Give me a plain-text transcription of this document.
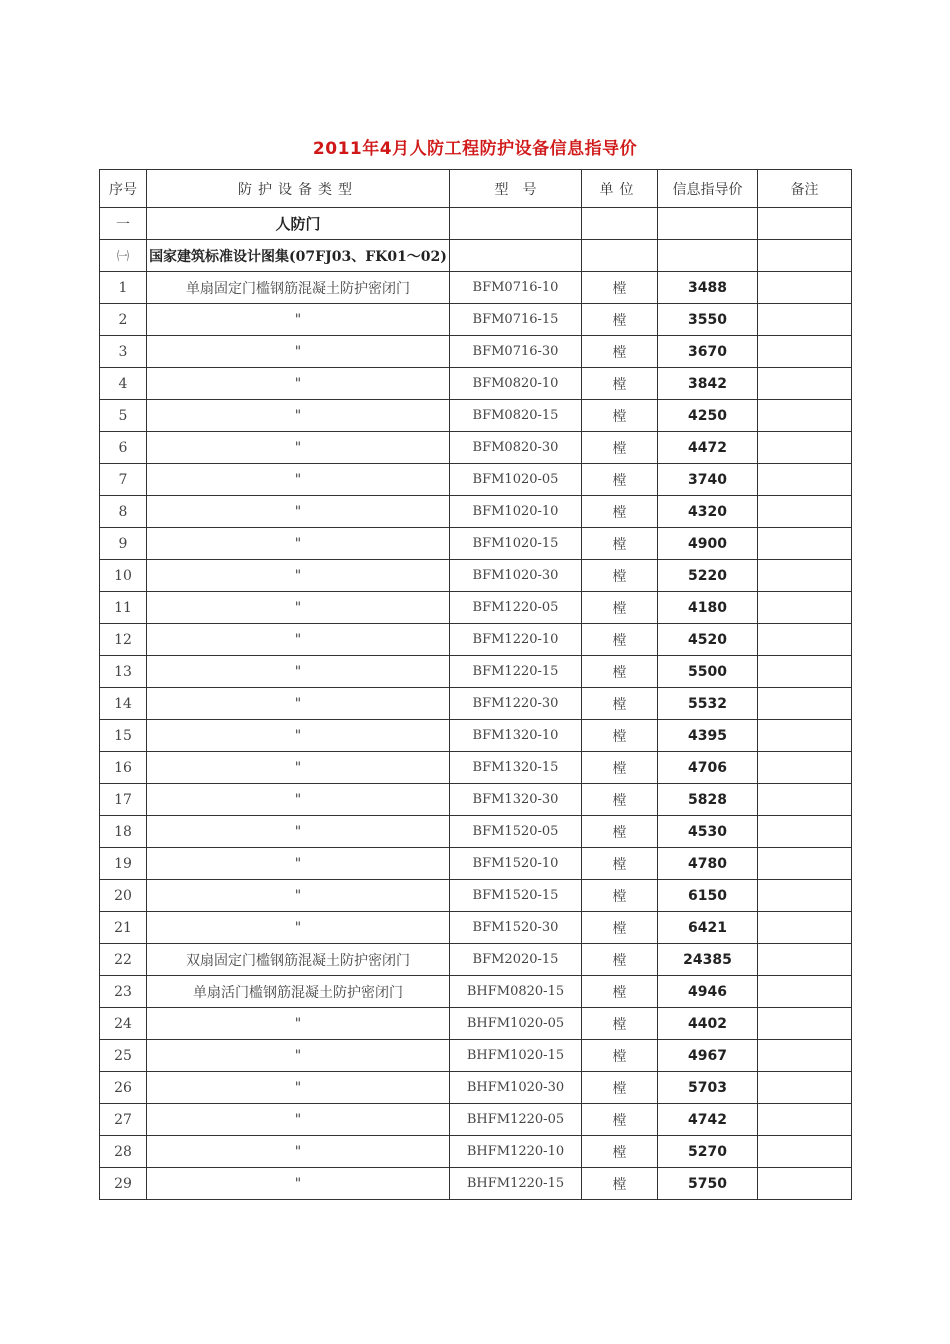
2011年4月人防工程防护设备信息指导价
序号	防护设备类型	型　号	单位	信息指导价	备注
一	人防门				
㈠	国家建筑标准设计图集(07FJ03、FK01～02)				
1	单扇固定门槛钢筋混凝土防护密闭门	BFM0716-10	樘	3488	
2	"	BFM0716-15	樘	3550	
3	"	BFM0716-30	樘	3670	
4	"	BFM0820-10	樘	3842	
5	"	BFM0820-15	樘	4250	
6	"	BFM0820-30	樘	4472	
7	"	BFM1020-05	樘	3740	
8	"	BFM1020-10	樘	4320	
9	"	BFM1020-15	樘	4900	
10	"	BFM1020-30	樘	5220	
11	"	BFM1220-05	樘	4180	
12	"	BFM1220-10	樘	4520	
13	"	BFM1220-15	樘	5500	
14	"	BFM1220-30	樘	5532	
15	"	BFM1320-10	樘	4395	
16	"	BFM1320-15	樘	4706	
17	"	BFM1320-30	樘	5828	
18	"	BFM1520-05	樘	4530	
19	"	BFM1520-10	樘	4780	
20	"	BFM1520-15	樘	6150	
21	"	BFM1520-30	樘	6421	
22	双扇固定门槛钢筋混凝土防护密闭门	BFM2020-15	樘	24385	
23	单扇活门槛钢筋混凝土防护密闭门	BHFM0820-15	樘	4946	
24	"	BHFM1020-05	樘	4402	
25	"	BHFM1020-15	樘	4967	
26	"	BHFM1020-30	樘	5703	
27	"	BHFM1220-05	樘	4742	
28	"	BHFM1220-10	樘	5270	
29	"	BHFM1220-15	樘	5750	
